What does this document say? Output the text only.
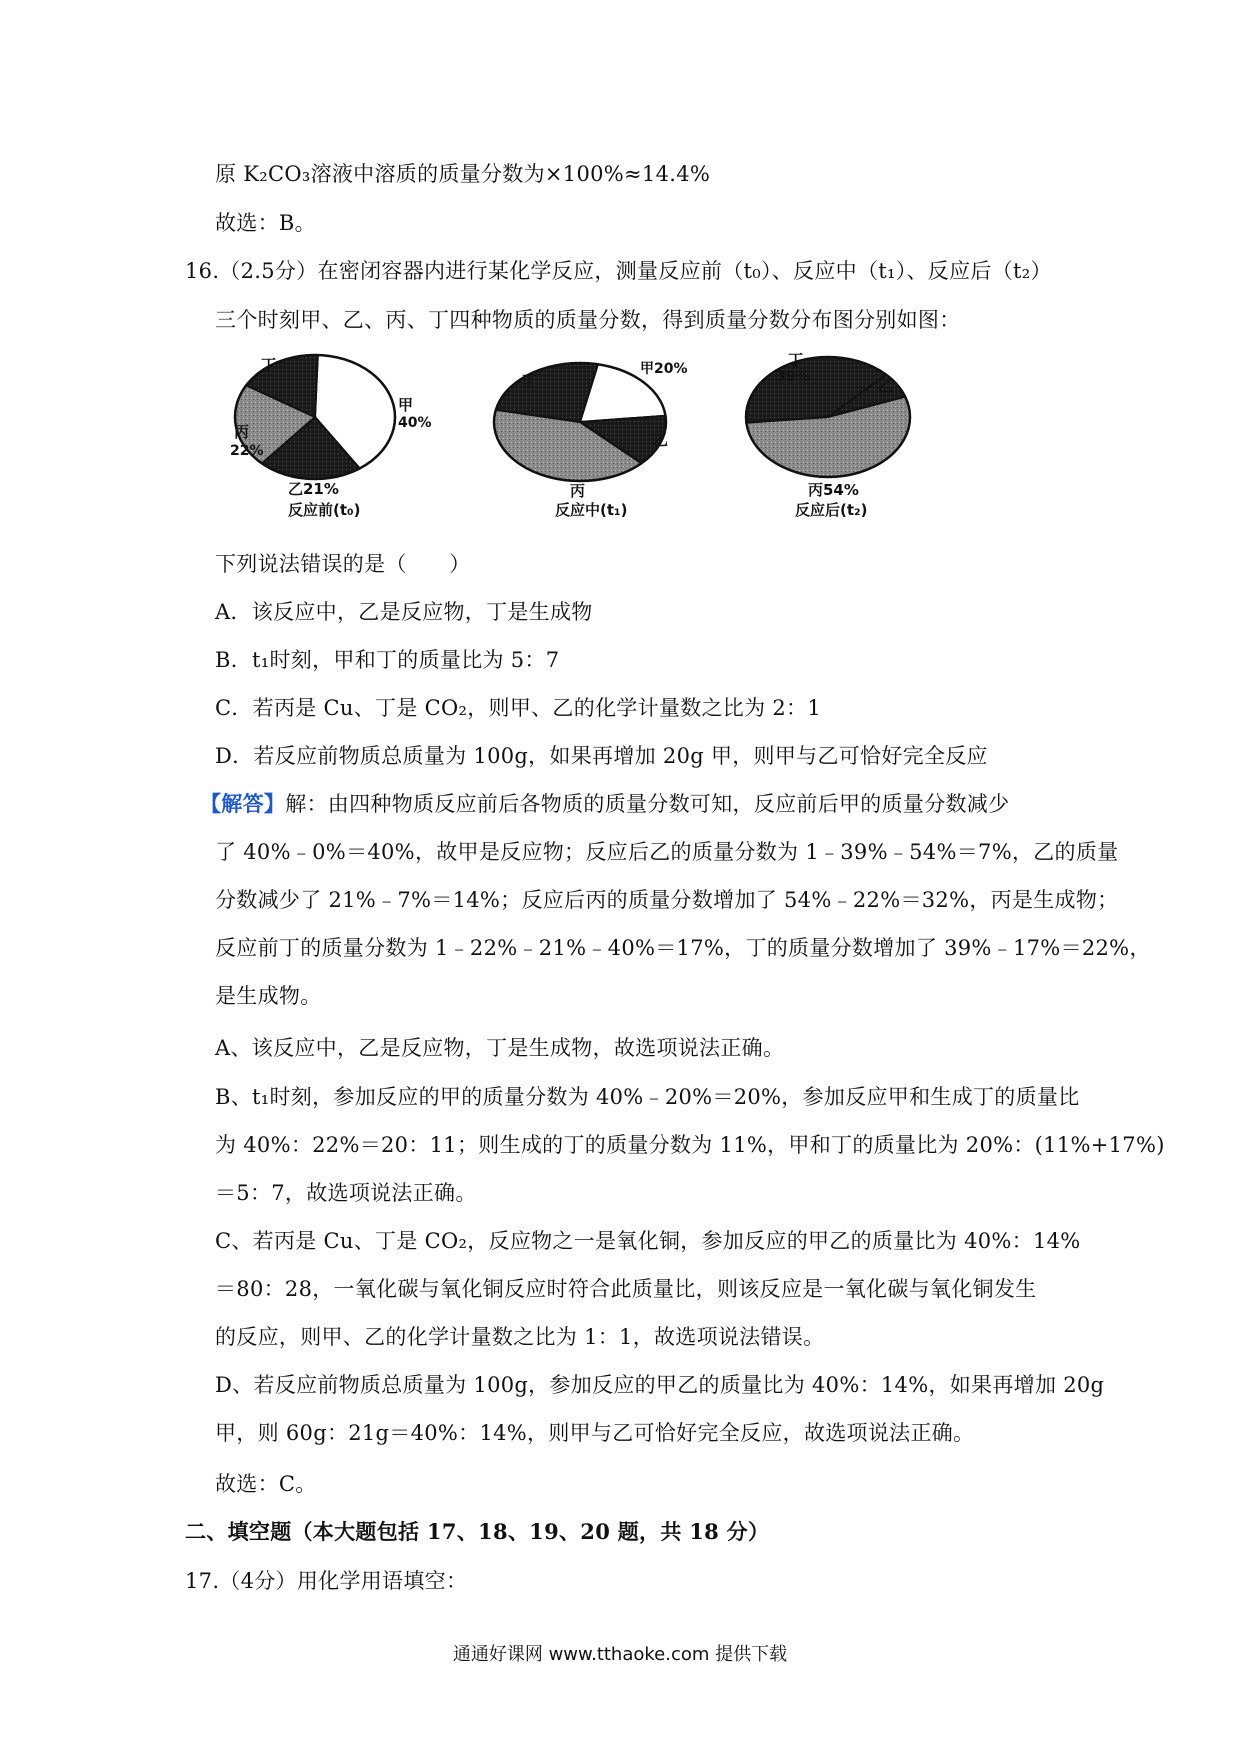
原 K₂CO₃溶液中溶质的质量分数为×100%≈14.4%
故选：B。
16.（2.5分）在密闭容器内进行某化学反应，测量反应前（t₀）、反应中（t₁）、反应后（t₂）
三个时刻甲、乙、丙、丁四种物质的质量分数，得到质量分数分布图分别如图：
丁
甲
40%
丙
22%
乙21%
反应前(t₀)
丁
甲20%
乙
丙
反应中(t₁)
丁
39%	乙
丙54%
反应后(t₂)
下列说法错误的是（　　）
A．该反应中，乙是反应物，丁是生成物
B．t₁时刻，甲和丁的质量比为 5：7
C．若丙是 Cu、丁是 CO₂，则甲、乙的化学计量数之比为 2：1
D．若反应前物质总质量为 100g，如果再增加 20g 甲，则甲与乙可恰好完全反应
【解答】解：由四种物质反应前后各物质的质量分数可知，反应前后甲的质量分数减少
了 40%﹣0%＝40%，故甲是反应物；反应后乙的质量分数为 1﹣39%﹣54%＝7%，乙的质量
分数减少了 21%﹣7%＝14%；反应后丙的质量分数增加了 54%﹣22%＝32%，丙是生成物；
反应前丁的质量分数为 1﹣22%﹣21%﹣40%＝17%，丁的质量分数增加了 39%﹣17%＝22%，
是生成物。
A、该反应中，乙是反应物，丁是生成物，故选项说法正确。
B、t₁时刻，参加反应的甲的质量分数为 40%﹣20%＝20%，参加反应甲和生成丁的质量比
为 40%：22%＝20：11；则生成的丁的质量分数为 11%，甲和丁的质量比为 20%：(11%+17%)
＝5：7，故选项说法正确。
C、若丙是 Cu、丁是 CO₂，反应物之一是氧化铜，参加反应的甲乙的质量比为 40%：14%
＝80：28，一氧化碳与氧化铜反应时符合此质量比，则该反应是一氧化碳与氧化铜发生
的反应，则甲、乙的化学计量数之比为 1：1，故选项说法错误。
D、若反应前物质总质量为 100g，参加反应的甲乙的质量比为 40%：14%，如果再增加 20g
甲，则 60g：21g＝40%：14%，则甲与乙可恰好完全反应，故选项说法正确。
故选：C。
二、填空题（本大题包括 17、18、19、20 题，共 18 分）
17.（4分）用化学用语填空：
通通好课网 www.tthaoke.com 提供下载
